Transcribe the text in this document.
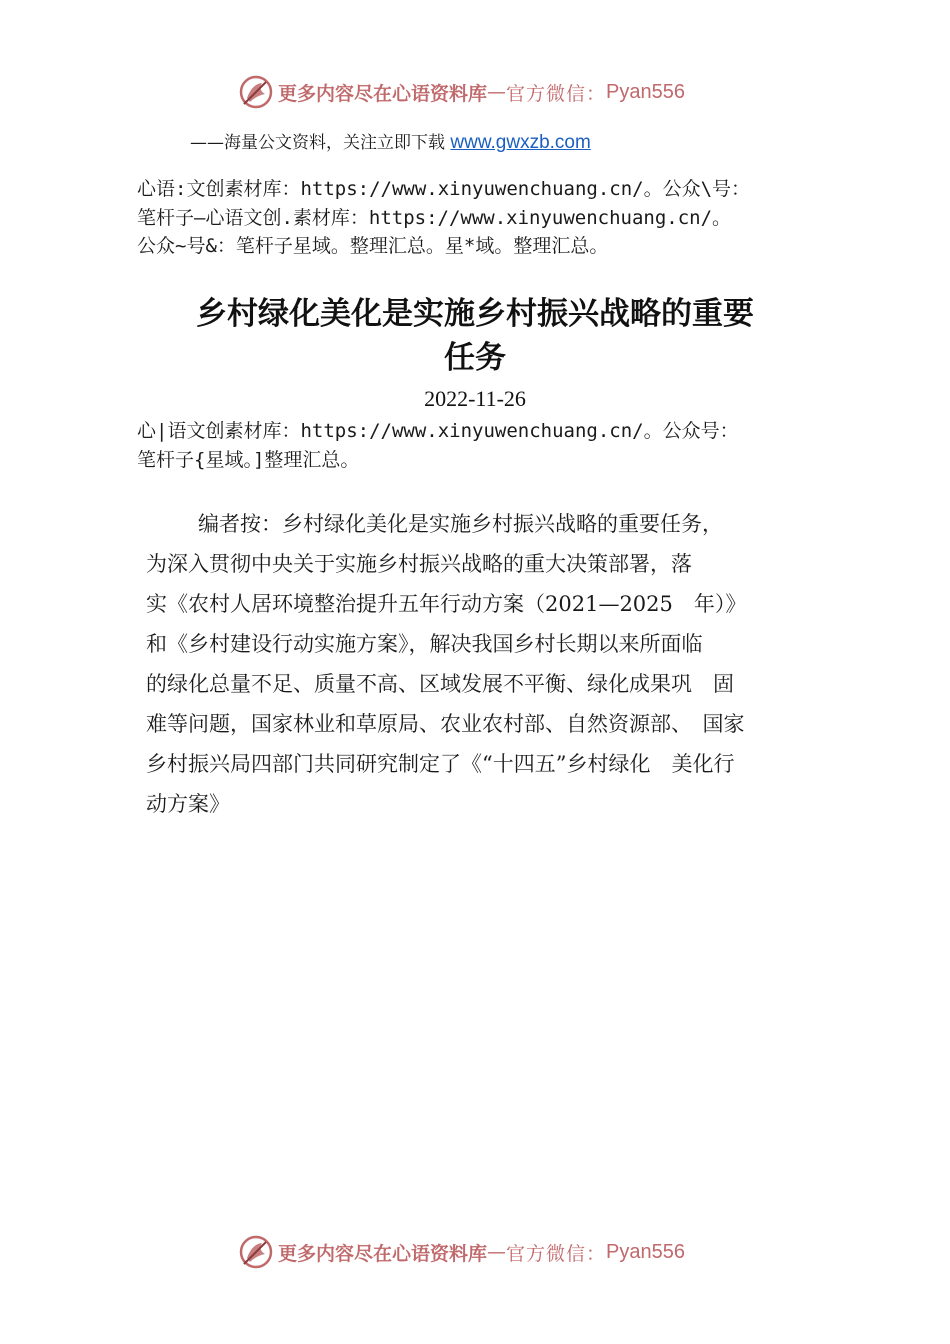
更多内容尽在心语资料库 — 官方微信： Pyan556
——海量公文资料，关注立即下载 www.gwxzb.com
心语:文创素材库：https://www.xinyuwenchuang.cn/。公众\号：
笔杆子—心语文创.素材库：https://www.xinyuwenchuang.cn/。
公众~号&：笔杆子星域。整理汇总。星*域。整理汇总。
乡村绿化美化是实施乡村振兴战略的重要
任务
2022-11-26
心|语文创素材库：https://www.xinyuwenchuang.cn/。公众号：
笔杆子{星域。]整理汇总。
编者按：乡村绿化美化是实施乡村振兴战略的重要任务，
为深入贯彻中央关于实施乡村振兴战略的重大决策部署，落
实《农村人居环境整治提升五年行动方案（2021—2025　年）》
和《乡村建设行动实施方案》，解决我国乡村长期以来所面临
的绿化总量不足、质量不高、区域发展不平衡、绿化成果巩　固
难等问题，国家林业和草原局、农业农村部、自然资源部、　国家
乡村振兴局四部门共同研究制定了《“十四五”乡村绿化　美化行
动方案》
更多内容尽在心语资料库 — 官方微信： Pyan556
